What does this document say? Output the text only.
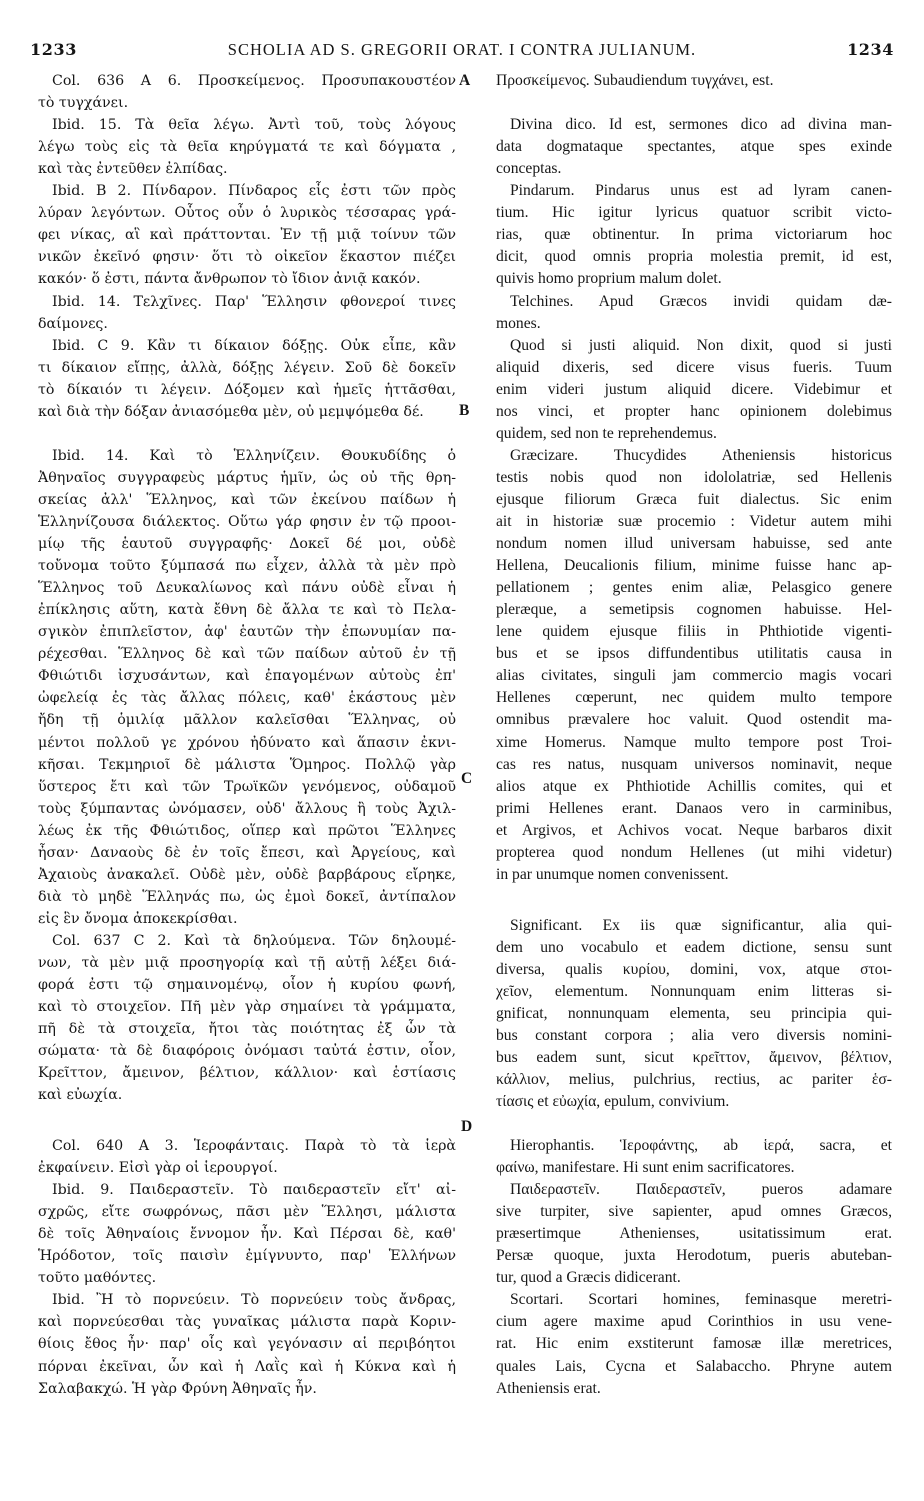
1233	SCHOLIA AD S. GREGORII ORAT. I CONTRA JULIANUM.	1234
Col. 636 A 6. Προσκείμενος. Προσυπακουστέον
τὸ τυγχάνει.
Ibid. 15. Τὰ θεῖα λέγω. Ἀντὶ τοῦ, τοὺς λόγους
λέγω τοὺς εἰς τὰ θεῖα κηρύγματά τε καὶ δόγματα ,
καὶ τὰς ἐντεῦθεν ἐλπίδας.
Ibid. B 2. Πίνδαρον. Πίνδαρος εἷς ἐστι τῶν πρὸς
λύραν λεγόντων. Οὗτος οὖν ὁ λυρικὸς τέσσαρας γρά-
φει νίκας, αἳ καὶ πράττονται. Ἐν τῇ μιᾷ τοίνυν τῶν
νικῶν ἐκεῖνό φησιν· ὅτι τὸ οἰκεῖον ἕκαστον πιέζει
κακόν· ὅ ἐστι, πάντα ἄνθρωπον τὸ ἴδιον ἀνιᾷ κακόν.
Ibid. 14. Τελχῖνες. Παρ' Ἕλλησιν φθονεροί τινες
δαίμονες.
Ibid. C 9. Κἂν τι δίκαιον δόξῃς. Οὐκ εἶπε, κἂν
τι δίκαιον εἴπῃς, ἀλλὰ, δόξῃς λέγειν. Σοῦ δὲ δοκεῖν
τὸ δίκαιόν τι λέγειν. Δόξομεν καὶ ἡμεῖς ἡττᾶσθαι,
καὶ διὰ τὴν δόξαν ἀνιασόμεθα μὲν, οὐ μεμψόμεθα δέ.
Ibid. 14. Καὶ τὸ Ἑλληνίζειν. Θουκυδίδης ὁ
Ἀθηναῖος συγγραφεὺς μάρτυς ἡμῖν, ὡς οὐ τῆς θρη-
σκείας ἀλλ' Ἕλληνος, καὶ τῶν ἐκείνου παίδων ἡ
Ἑλληνίζουσα διάλεκτος. Οὕτω γάρ φησιν ἐν τῷ προοι-
μίῳ τῆς ἑαυτοῦ συγγραφῆς· Δοκεῖ δέ μοι, οὐδὲ
τοὔνομα τοῦτο ξύμπασά πω εἶχεν, ἀλλὰ τὰ μὲν πρὸ
Ἕλληνος τοῦ Δευκαλίωνος καὶ πάνυ οὐδὲ εἶναι ἡ
ἐπίκλησις αὕτη, κατὰ ἔθνη δὲ ἄλλα τε καὶ τὸ Πελα-
σγικὸν ἐπιπλεῖστον, ἀφ' ἑαυτῶν τὴν ἐπωνυμίαν πα-
ρέχεσθαι. Ἕλληνος δὲ καὶ τῶν παίδων αὐτοῦ ἐν τῇ
Φθιώτιδι ἰσχυσάντων, καὶ ἐπαγομένων αὐτοὺς ἐπ'
ὠφελείᾳ ἐς τὰς ἄλλας πόλεις, καθ' ἑκάστους μὲν
ἤδη τῇ ὁμιλίᾳ μᾶλλον καλεῖσθαι Ἕλληνας, οὐ
μέντοι πολλοῦ γε χρόνου ἠδύνατο καὶ ἅπασιν ἐκνι-
κῆσαι. Τεκμηριοῖ δὲ μάλιστα Ὅμηρος. Πολλῷ γὰρ
ὕστερος ἔτι καὶ τῶν Τρωϊκῶν γενόμενος, οὐδαμοῦ
τοὺς ξύμπαντας ὠνόμασεν, οὐδ' ἄλλους ἢ τοὺς Ἀχιλ-
λέως ἐκ τῆς Φθιώτιδος, οἵπερ καὶ πρῶτοι Ἕλληνες
ἦσαν· Δαναοὺς δὲ ἐν τοῖς ἔπεσι, καὶ Ἀργείους, καὶ
Ἀχαιοὺς ἀνακαλεῖ. Οὐδὲ μὲν, οὐδὲ βαρβάρους εἴρηκε,
διὰ τὸ μηδὲ Ἕλληνάς πω, ὡς ἐμοὶ δοκεῖ, ἀντίπαλον
εἰς ἓν ὄνομα ἀποκεκρίσθαι.
Col. 637 C 2. Καὶ τὰ δηλούμενα. Τῶν δηλουμέ-
νων, τὰ μὲν μιᾷ προσηγορίᾳ καὶ τῇ αὐτῇ λέξει διά-
φορά ἐστι τῷ σημαινομένῳ, οἷον ἡ κυρίου φωνή,
καὶ τὸ στοιχεῖον. Πῆ μὲν γὰρ σημαίνει τὰ γράμματα,
πῆ δὲ τὰ στοιχεῖα, ἤτοι τὰς ποιότητας ἐξ ὧν τὰ
σώματα· τὰ δὲ διαφόροις ὀνόμασι ταὐτά ἐστιν, οἷον,
Κρεῖττον, ἄμεινον, βέλτιον, κάλλιον· καὶ ἑστίασις
καὶ εὐωχία.
Col. 640 A 3. Ἱεροφάνταις. Παρὰ τὸ τὰ ἱερὰ
ἐκφαίνειν. Εἰσὶ γὰρ οἱ ἱερουργοί.
Ibid. 9. Παιδεραστεῖν. Τὸ παιδεραστεῖν εἴτ' αἰ-
σχρῶς, εἴτε σωφρόνως, πᾶσι μὲν Ἕλλησι, μάλιστα
δὲ τοῖς Ἀθηναίοις ἔννομον ἦν. Καὶ Πέρσαι δὲ, καθ'
Ἡρόδοτον, τοῖς παισὶν ἐμίγνυντο, παρ' Ἑλλήνων
τοῦτο μαθόντες.
Ibid. Ἢ τὸ πορνεύειν. Τὸ πορνεύειν τοὺς ἄνδρας,
καὶ πορνεύεσθαι τὰς γυναῖκας μάλιστα παρὰ Κοριν-
θίοις ἔθος ἦν· παρ' οἷς καὶ γεγόνασιν αἱ περιβόητοι
πόρναι ἐκεῖναι, ὧν καὶ ἡ Λαῒς καὶ ἡ Κύκνα καὶ ἡ
Σαλαβακχώ. Ἡ γὰρ Φρύνη Ἀθηναῖς ἦν.
Προσκείμενος. Subaudiendum τυγχάνει, est.
Divina dico. Id est, sermones dico ad divina man-
data dogmataque spectantes, atque spes exinde
conceptas.
Pindarum. Pindarus unus est ad lyram canen-
tium. Hic igitur lyricus quatuor scribit victo-
rias, quæ obtinentur. In prima victoriarum hoc
dicit, quod omnis propria molestia premit, id est,
quivis homo proprium malum dolet.
Telchines. Apud Græcos invidi quidam dæ-
mones.
Quod si justi aliquid. Non dixit, quod si justi
aliquid dixeris, sed dicere visus fueris. Tuum
enim videri justum aliquid dicere. Videbimur et
nos vinci, et propter hanc opinionem dolebimus
quidem, sed non te reprehendemus.
Græcizare. Thucydides Atheniensis historicus
testis nobis quod non idololatriæ, sed Hellenis
ejusque filiorum Græca fuit dialectus. Sic enim
ait in historiæ suæ procemio : Videtur autem mihi
nondum nomen illud universam habuisse, sed ante
Hellena, Deucalionis filium, minime fuisse hanc ap-
pellationem ; gentes enim aliæ, Pelasgico genere
pleræque, a semetipsis cognomen habuisse. Hel-
lene quidem ejusque filiis in Phthiotide vigenti-
bus et se ipsos diffundentibus utilitatis causa in
alias civitates, singuli jam commercio magis vocari
Hellenes cœperunt, nec quidem multo tempore
omnibus prævalere hoc valuit. Quod ostendit ma-
xime Homerus. Namque multo tempore post Troi-
cas res natus, nusquam universos nominavit, neque
alios atque ex Phthiotide Achillis comites, qui et
primi Hellenes erant. Danaos vero in carminibus,
et Argivos, et Achivos vocat. Neque barbaros dixit
propterea quod nondum Hellenes (ut mihi videtur)
in par unumque nomen convenissent.
Significant. Ex iis quæ significantur, alia qui-
dem uno vocabulo et eadem dictione, sensu sunt
diversa, qualis κυρίου, domini, vox, atque στοι-
χεῖον, elementum. Nonnunquam enim litteras si-
gnificat, nonnunquam elementa, seu principia qui-
bus constant corpora ; alia vero diversis nomini-
bus eadem sunt, sicut κρεῖττον, ἄμεινον, βέλτιον,
κάλλιον, melius, pulchrius, rectius, ac pariter ἑσ-
τίασις et εὐωχία, epulum, convivium.
Hierophantis. Ἱεροφάντης, ab ἱερά, sacra, et
φαίνω, manifestare. Hi sunt enim sacrificatores.
Παιδεραστεῖν. Παιδεραστεῖν, pueros adamare
sive turpiter, sive sapienter, apud omnes Græcos,
præsertimque Athenienses, usitatissimum erat.
Persæ quoque, juxta Herodotum, pueris abuteban-
tur, quod a Græcis didicerant.
Scortari. Scortari homines, feminasque meretri-
cium agere maxime apud Corinthios in usu vene-
rat. Hic enim exstiterunt famosæ illæ meretrices,
quales Lais, Cycna et Salabaccho. Phryne autem
Atheniensis erat.
A
B
C
D
